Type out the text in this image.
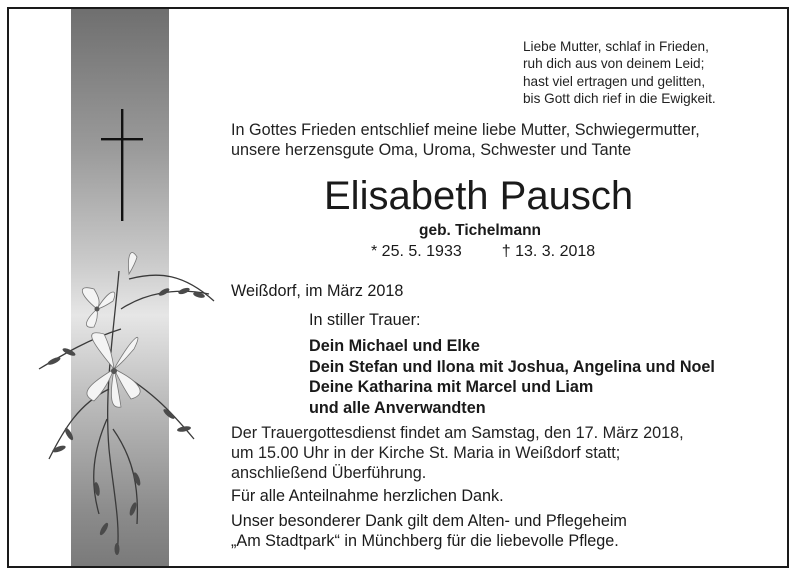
Liebe Mutter, schlaf in Frieden,
ruh dich aus von deinem Leid;
hast viel ertragen und gelitten,
bis Gott dich rief in die Ewigkeit.
In Gottes Frieden entschlief meine liebe Mutter, Schwiegermutter,
unsere herzensgute Oma, Uroma, Schwester und Tante
Elisabeth Pausch
geb. Tichelmann
* 25. 5. 1933	† 13. 3. 2018
Weißdorf, im März 2018
In stiller Trauer:
Dein Michael und Elke
Dein Stefan und Ilona mit Joshua, Angelina und Noel
Deine Katharina mit Marcel und Liam
und alle Anverwandten
Der Trauergottesdienst findet am Samstag, den 17. März 2018,
um 15.00 Uhr in der Kirche St. Maria in Weißdorf statt;
anschließend Überführung.
Für alle Anteilnahme herzlichen Dank.
Unser besonderer Dank gilt dem Alten- und Pflegeheim
„Am Stadtpark“ in Münchberg für die liebevolle Pflege.
